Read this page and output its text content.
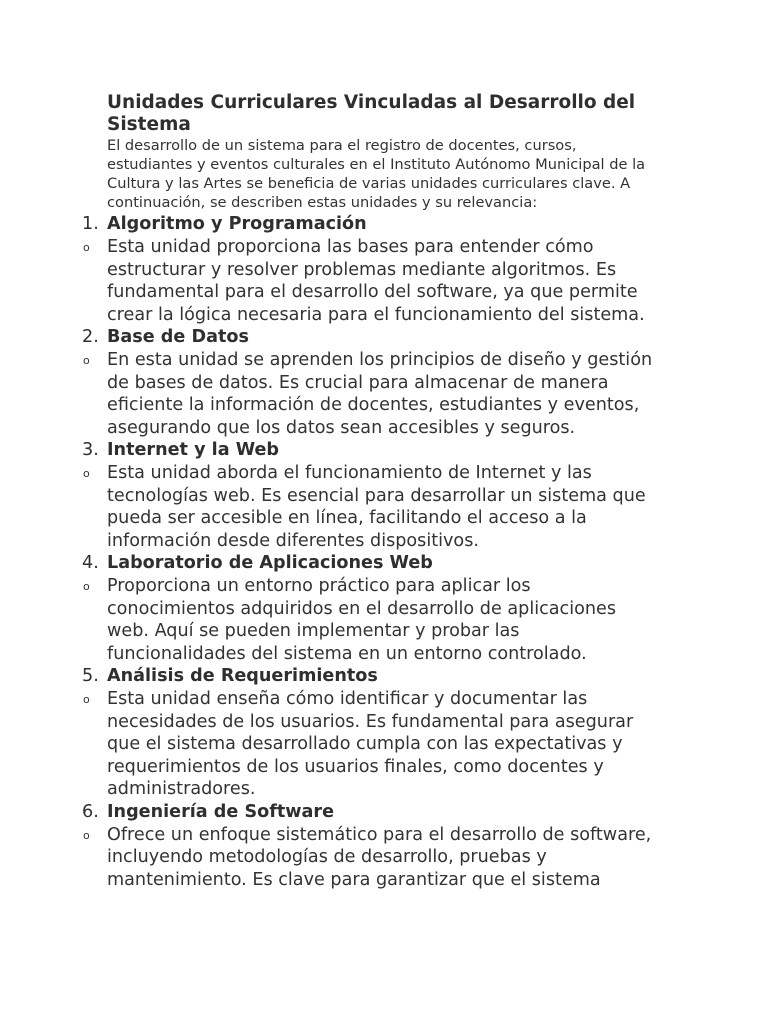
Unidades Curriculares Vinculadas al Desarrollo del Sistema

El desarrollo de un sistema para el registro de docentes, cursos, estudiantes y eventos culturales en el Instituto Autónomo Municipal de la Cultura y las Artes se beneficia de varias unidades curriculares clave. A continuación, se describen estas unidades y su relevancia:

1. Algoritmo y Programación
o Esta unidad proporciona las bases para entender cómo estructurar y resolver problemas mediante algoritmos. Es fundamental para el desarrollo del software, ya que permite crear la lógica necesaria para el funcionamiento del sistema.
2. Base de Datos
o En esta unidad se aprenden los principios de diseño y gestión de bases de datos. Es crucial para almacenar de manera eficiente la información de docentes, estudiantes y eventos, asegurando que los datos sean accesibles y seguros.
3. Internet y la Web
o Esta unidad aborda el funcionamiento de Internet y las tecnologías web. Es esencial para desarrollar un sistema que pueda ser accesible en línea, facilitando el acceso a la información desde diferentes dispositivos.
4. Laboratorio de Aplicaciones Web
o Proporciona un entorno práctico para aplicar los conocimientos adquiridos en el desarrollo de aplicaciones web. Aquí se pueden implementar y probar las funcionalidades del sistema en un entorno controlado.
5. Análisis de Requerimientos
o Esta unidad enseña cómo identificar y documentar las necesidades de los usuarios. Es fundamental para asegurar que el sistema desarrollado cumpla con las expectativas y requerimientos de los usuarios finales, como docentes y administradores.
6. Ingeniería de Software
o Ofrece un enfoque sistemático para el desarrollo de software, incluyendo metodologías de desarrollo, pruebas y mantenimiento. Es clave para garantizar que el sistema
